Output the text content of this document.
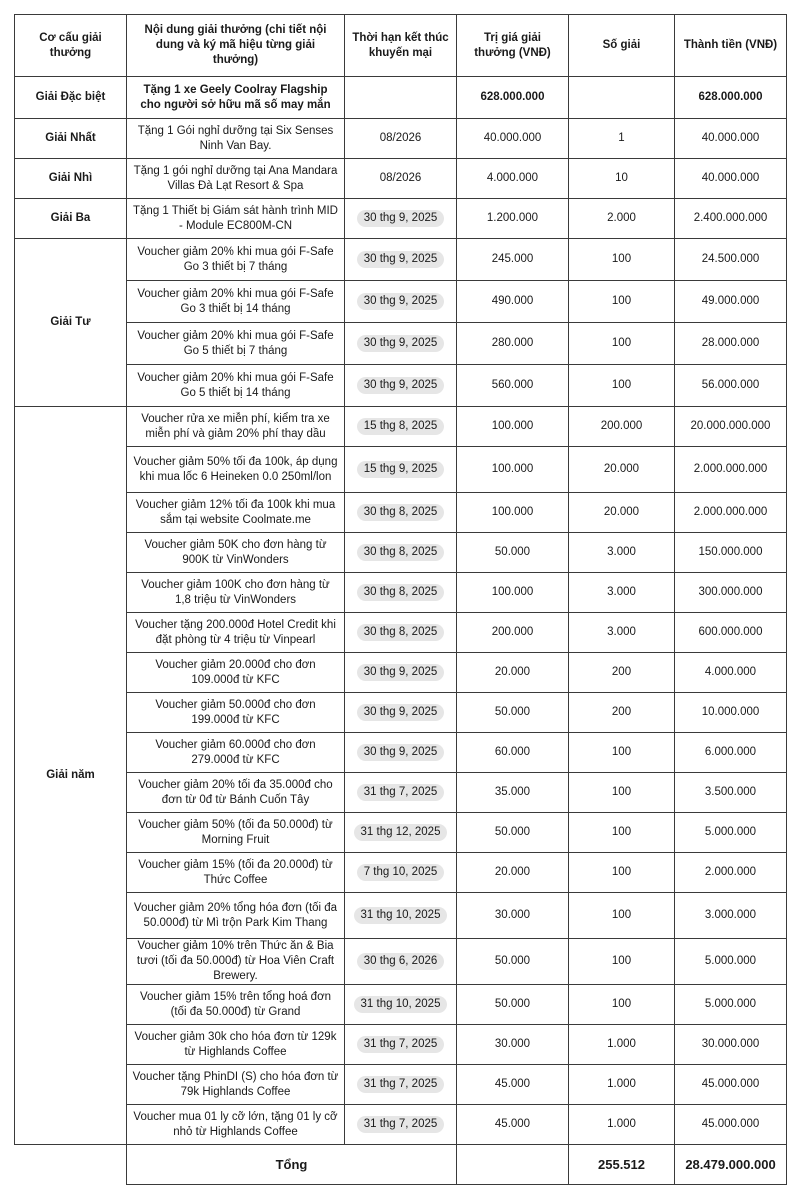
Cơ cấu giải thưởng	Nội dung giải thưởng (chi tiết nội dung và ký mã hiệu từng giải thưởng)	Thời hạn kết thúc khuyến mại	Trị giá giải thưởng (VNĐ)	Số giải	Thành tiền (VNĐ)
Giải Đặc biệt	Tặng 1 xe Geely Coolray Flagship cho người sở hữu mã số may mắn		628.000.000		628.000.000
Giải Nhất	Tặng 1 Gói nghỉ dưỡng tại Six Senses Ninh Van Bay.	08/2026	40.000.000	1	40.000.000
Giải Nhì	Tặng 1 gói nghỉ dưỡng tại Ana Mandara Villas Đà Lạt Resort & Spa	08/2026	4.000.000	10	40.000.000
Giải Ba	Tặng 1 Thiết bị Giám sát hành trình MID - Module EC800M-CN	30 thg 9, 2025	1.200.000	2.000	2.400.000.000
Giải Tư	Voucher giảm 20% khi mua gói F-Safe Go 3 thiết bị 7 tháng	30 thg 9, 2025	245.000	100	24.500.000

	Voucher giảm 20% khi mua gói F-Safe Go 3 thiết bị 14 tháng	30 thg 9, 2025	490.000	100	49.000.000

	Voucher giảm 20% khi mua gói F-Safe Go 5 thiết bị 7 tháng	30 thg 9, 2025	280.000	100	28.000.000

	Voucher giảm 20% khi mua gói F-Safe Go 5 thiết bị 14 tháng	30 thg 9, 2025	560.000	100	56.000.000
Giải năm	Voucher rửa xe miễn phí, kiểm tra xe miễn phí và giảm 20% phí thay dầu	15 thg 8, 2025	100.000	200.000	20.000.000.000

	Voucher giảm 50% tối đa 100k, áp dụng khi mua lốc 6 Heineken 0.0 250ml/lon	15 thg 9, 2025	100.000	20.000	2.000.000.000

	Voucher giảm 12% tối đa 100k khi mua sắm tại website Coolmate.me	30 thg 8, 2025	100.000	20.000	2.000.000.000

	Voucher giảm 50K cho đơn hàng từ 900K từ VinWonders	30 thg 8, 2025	50.000	3.000	150.000.000

	Voucher giảm 100K cho đơn hàng từ 1,8 triệu từ VinWonders	30 thg 8, 2025	100.000	3.000	300.000.000

	Voucher tặng 200.000đ Hotel Credit khi đặt phòng từ 4 triệu từ Vinpearl	30 thg 8, 2025	200.000	3.000	600.000.000

	Voucher giảm 20.000đ cho đơn 109.000đ từ KFC	30 thg 9, 2025	20.000	200	4.000.000

	Voucher giảm 50.000đ cho đơn 199.000đ từ KFC	30 thg 9, 2025	50.000	200	10.000.000

	Voucher giảm 60.000đ cho đơn 279.000đ từ KFC	30 thg 9, 2025	60.000	100	6.000.000

	Voucher giảm 20% tối đa 35.000đ cho đơn từ 0đ từ Bánh Cuốn Tây	31 thg 7, 2025	35.000	100	3.500.000

	Voucher giảm 50% (tối đa 50.000đ) từ Morning Fruit	31 thg 12, 2025	50.000	100	5.000.000

	Voucher giảm 15% (tối đa 20.000đ) từ Thức Coffee	7 thg 10, 2025	20.000	100	2.000.000

	Voucher giảm 20% tổng hóa đơn (tối đa 50.000đ) từ Mì trộn Park Kim Thang	31 thg 10, 2025	30.000	100	3.000.000

	Voucher giảm 10% trên Thức ăn & Bia tươi (tối đa 50.000đ) từ Hoa Viên Craft Brewery.	30 thg 6, 2026	50.000	100	5.000.000

	Voucher giảm 15% trên tổng hoá đơn (tối đa 50.000đ) từ Grand	31 thg 10, 2025	50.000	100	5.000.000

	Voucher giảm 30k cho hóa đơn từ 129k từ Highlands Coffee	31 thg 7, 2025	30.000	1.000	30.000.000

	Voucher tặng PhinDI (S) cho hóa đơn từ 79k Highlands Coffee	31 thg 7, 2025	45.000	1.000	45.000.000

	Voucher mua 01 ly cỡ lớn, tặng 01 ly cỡ nhỏ từ Highlands Coffee	31 thg 7, 2025	45.000	1.000	45.000.000
	Tổng			255.512	28.479.000.000
